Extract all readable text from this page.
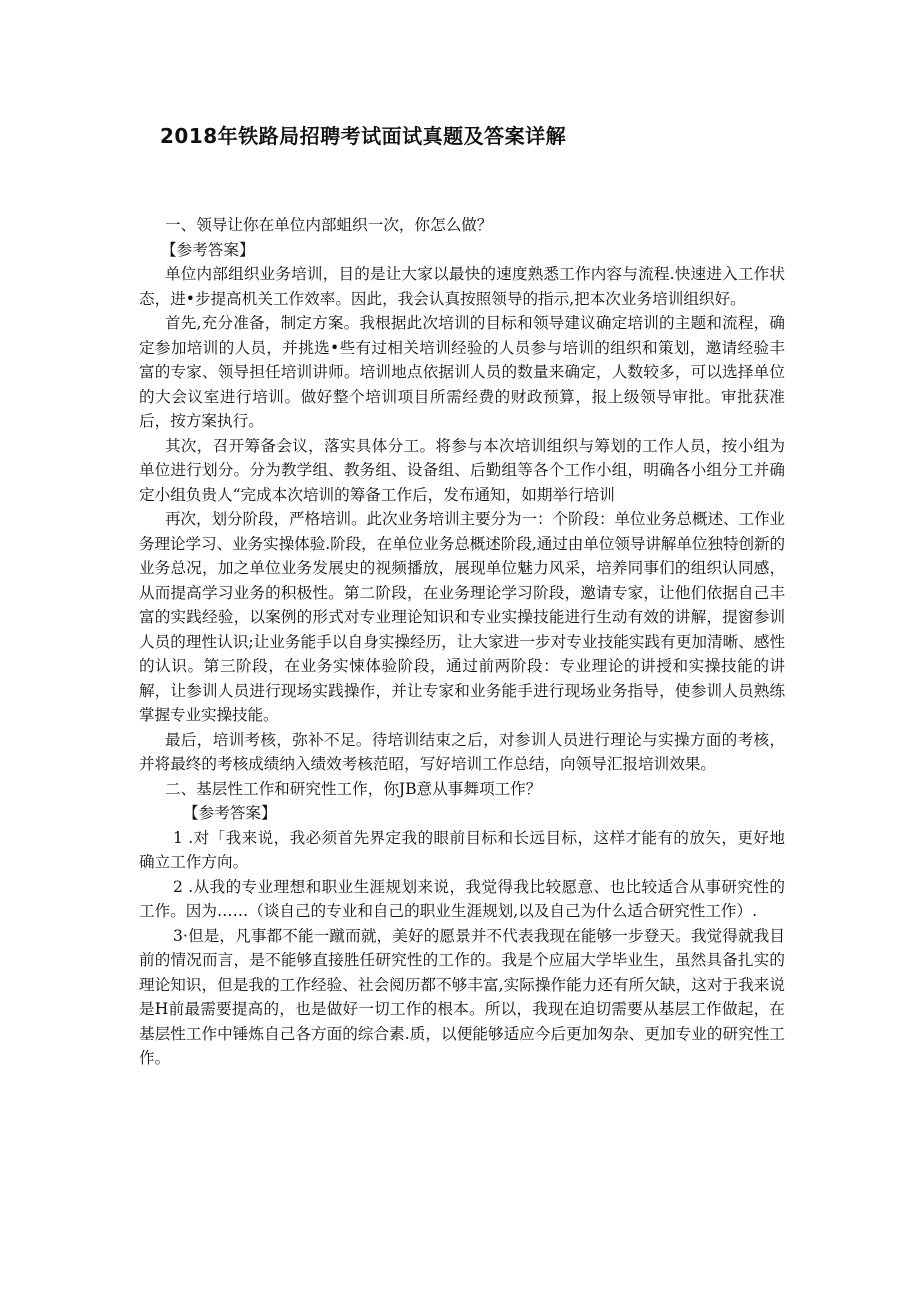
2018年铁路局招聘考试面试真题及答案详解

一、领导让你在单位内部蛆织一次，你怎么做？

【参考答案】

单位内部组织业务培训，目的是让大家以最快的速度熟悉工作内容与流程.快速进入工作状态，进•步提高机关工作效率。因此，我会认真按照领导的指示,把本次业务培训组织好。

首先,充分准备，制定方案。我根据此次培训的目标和领导建议确定培训的主题和流程，确定参加培训的人员，并挑选•些有过相关培训经验的人员参与培训的组织和策划，邀请经验丰富的专家、领导担任培训讲师。培训地点依据训人员的数量来确定，人数较多，可以选择单位的大会议室进行培训。做好整个培训项目所需经费的财政预算，报上级领导审批。审批获准后，按方案执行。

其次，召开筹备会议，落实具体分工。将参与本次培训组织与筹划的工作人员，按小组为单位进行划分。分为教学组、教务组、设备组、后勤组等各个工作小组，明确各小组分工并确定小组负贵人“完成本次培训的筹备工作后，发布通知，如期举行培训

再次，划分阶段，严格培训。此次业务培训主要分为一：个阶段：单位业务总概述、工作业务理论学习、业务实操体验.阶段，在单位业务总概述阶段,通过由单位领导讲解单位独特创新的业务总况，加之单位业务发展史的视频播放，展现单位魅力风采，培养同事们的组织认同感，从而提高学习业务的积极性。第二阶段，在业务理论学习阶段，邀请专家，让他们依据自己丰富的实践经验，以案例的形式对专业理论知识和专业实操技能进行生动有效的讲解，提窗参训人员的理性认识;让业务能手以自身实操经历，让大家进一步对专业技能实践有更加清晰、感性的认识。第三阶段，在业务实悚体验阶段，通过前两阶段：专业理论的讲授和实操技能的讲解，让参训人员进行现场实践操作，并让专家和业务能手进行现场业务指导，使参训人员熟练掌握专业实操技能。

最后，培训考核，弥补不足。待培训结束之后，对参训人员进行理论与实操方面的考核，并将最终的考核成绩纳入绩效考核范昭，写好培训工作总结，向领导汇报培训效果。

二、基层性工作和研究性工作，你JB意从事舞项工作？

【参考答案】

1 .对「我来说，我必须首先界定我的眼前目标和长远目标，这样才能有的放矢，更好地确立工作方向。

2 .从我的专业理想和职业生涯规划来说，我觉得我比较愿意、也比较适合从事研究性的工作。因为……（谈自己的专业和自己的职业生涯规划,以及自己为什么适合研究性工作）.

3·但是，凡事都不能一蹴而就，美好的愿景并不代表我现在能够一步登天。我觉得就我目前的情况而言，是不能够直接胜任研究性的工作的。我是个应届大学毕业生，虽然具备扎实的理论知识，但是我的工作经验、社会阅历都不够丰富,实际操作能力还有所欠缺，这对于我来说是H前最需要提高的，也是做好一切工作的根本。所以，我现在迫切需要从基层工作做起，在基层性工作中锤炼自己各方面的综合素.质，以便能够适应今后更加匆杂、更加专业的研究性工作。
